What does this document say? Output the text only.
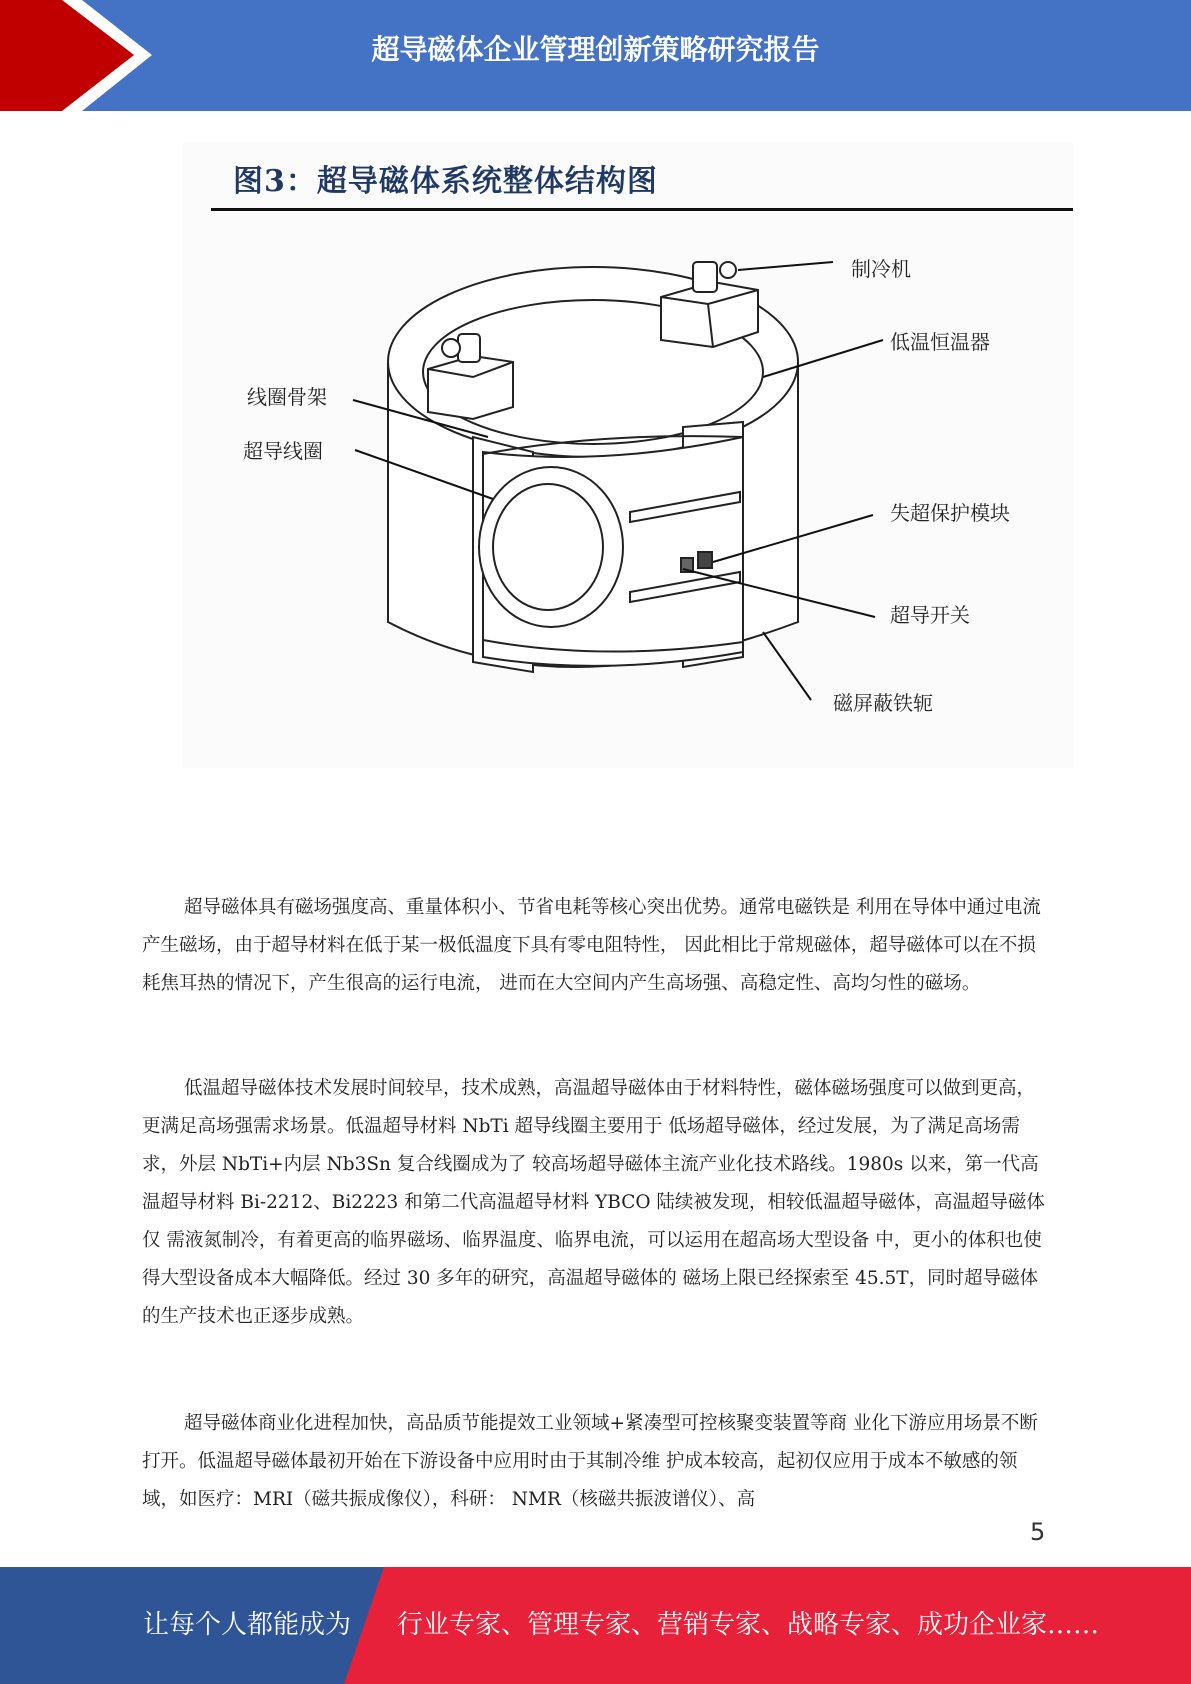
超导磁体企业管理创新策略研究报告
图3：超导磁体系统整体结构图
制冷机
低温恒温器
线圈骨架
超导线圈
失超保护模块
超导开关
磁屏蔽铁轭

超导磁体具有磁场强度高、重量体积小、节省电耗等核心突出优势。通常电磁铁是 利用在导体中通过电流产生磁场，由于超导材料在低于某一极低温度下具有零电阻特性， 因此相比于常规磁体，超导磁体可以在不损耗焦耳热的情况下，产生很高的运行电流， 进而在大空间内产生高场强、高稳定性、高均匀性的磁场。

低温超导磁体技术发展时间较早，技术成熟，高温超导磁体由于材料特性，磁体磁场强度可以做到更高，更满足高场强需求场景。低温超导材料 NbTi 超导线圈主要用于 低场超导磁体，经过发展，为了满足高场需求，外层 NbTi+内层 Nb3Sn 复合线圈成为了 较高场超导磁体主流产业化技术路线。1980s 以来，第一代高温超导材料 Bi-2212、Bi2223 和第二代高温超导材料 YBCO 陆续被发现，相较低温超导磁体，高温超导磁体仅 需液氮制冷，有着更高的临界磁场、临界温度、临界电流，可以运用在超高场大型设备 中，更小的体积也使得大型设备成本大幅降低。经过 30 多年的研究，高温超导磁体的 磁场上限已经探索至 45.5T，同时超导磁体的生产技术也正逐步成熟。

超导磁体商业化进程加快，高品质节能提效工业领域+紧凑型可控核聚变装置等商 业化下游应用场景不断打开。低温超导磁体最初开始在下游设备中应用时由于其制冷维 护成本较高，起初仅应用于成本不敏感的领域，如医疗：MRI（磁共振成像仪），科研： NMR（核磁共振波谱仪）、高

5
让每个人都能成为 行业专家、管理专家、营销专家、战略专家、成功企业家……
